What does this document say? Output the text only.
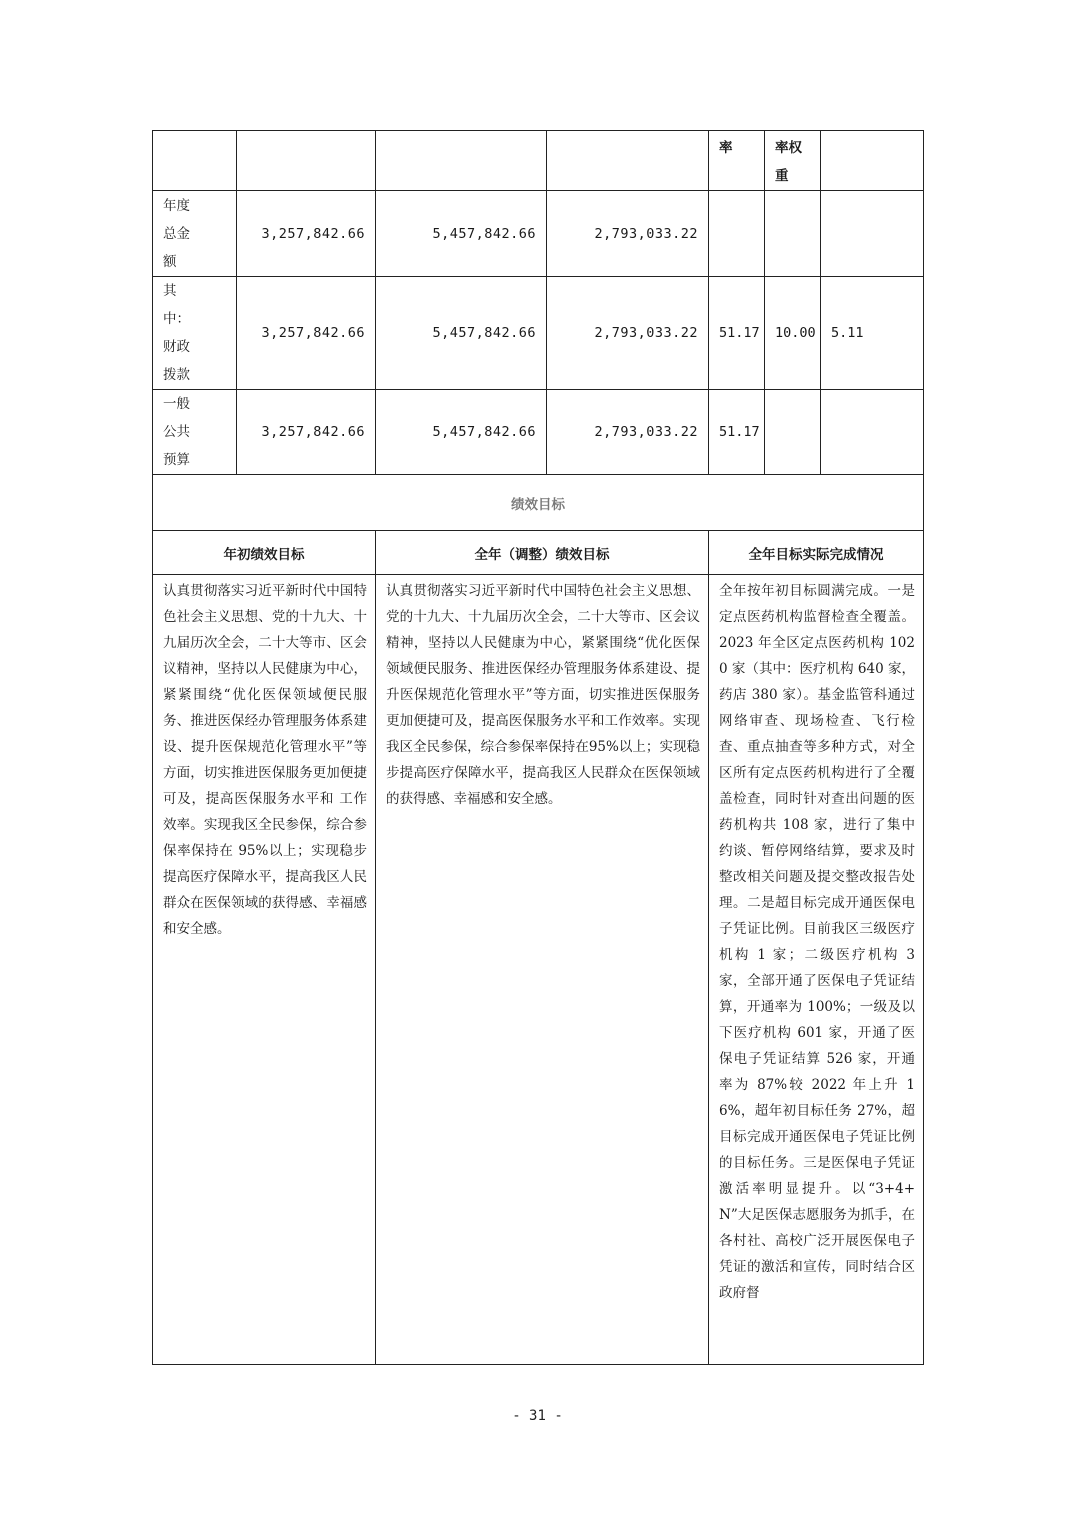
				率	率权
重	

年度
总金
额	3,257,842.66	5,457,842.66	2,793,033.22			

其
中：
财政
拨款	3,257,842.66	5,457,842.66	2,793,033.22	51.17	10.00	5.11

一般
公共
预算	3,257,842.66	5,457,842.66	2,793,033.22	51.17		
绩效目标						
年初绩效目标		全年（调整）绩效目标		全年目标实际完成情况		
认真贯彻落实习近平新时代中国特色社会主义思想、党的十九大、十九届历次全会，二十大等市、区会议精神，坚持以人民健康为中心，紧紧围绕“优化医保领域便民服务、推进医保经办管理服务体系建设、提升医保规范化管理水平”等方面，切实推进医保服务更加便捷可及，提高医保服务水平和 工作效率。实现我区全民参保，综合参保率保持在 95%以上；实现稳步提高医疗保障水平，提高我区人民群众在医保领域的获得感、幸福感和安全感。		认真贯彻落实习近平新时代中国特色社会主义思想、党的十九大、十九届历次全会，二十大等市、区会议精神，坚持以人民健康为中心，紧紧围绕“优化医保领域便民服务、推进医保经办管理服务体系建设、提升医保规范化管理水平”等方面，切实推进医保服务更加便捷可及，提高医保服务水平和工作效率。实现我区全民参保，综合参保率保持在95%以上；实现稳步提高医疗保障水平，提高我区人民群众在医保领域的获得感、幸福感和安全感。		全年按年初目标圆满完成。一是定点医药机构监督检查全覆盖。2023 年全区定点医药机构 1020 家（其中：医疗机构 640 家，药店 380 家）。基金监管科通过网络审查、现场检查、飞行检查、重点抽查等多种方式，对全区所有定点医药机构进行了全覆盖检查，同时针对查出问题的医药机构共 108 家，进行了集中约谈、暂停网络结算，要求及时整改相关问题及提交整改报告处理。二是超目标完成开通医保电子凭证比例。目前我区三级医疗机构 1 家；二级医疗机构 3 家，全部开通了医保电子凭证结算，开通率为 100%；一级及以下医疗机构 601 家，开通了医保电子凭证结算 526 家，开通率为 87%较 2022 年上升 16%，超年初目标任务 27%，超目标完成开通医保电子凭证比例的目标任务。三是医保电子凭证激活率明显提升。以“3+4+N”大足医保志愿服务为抓手，在各村社、高校广泛开展医保电子凭证的激活和宣传，同时结合区政府督		
- 31 -
